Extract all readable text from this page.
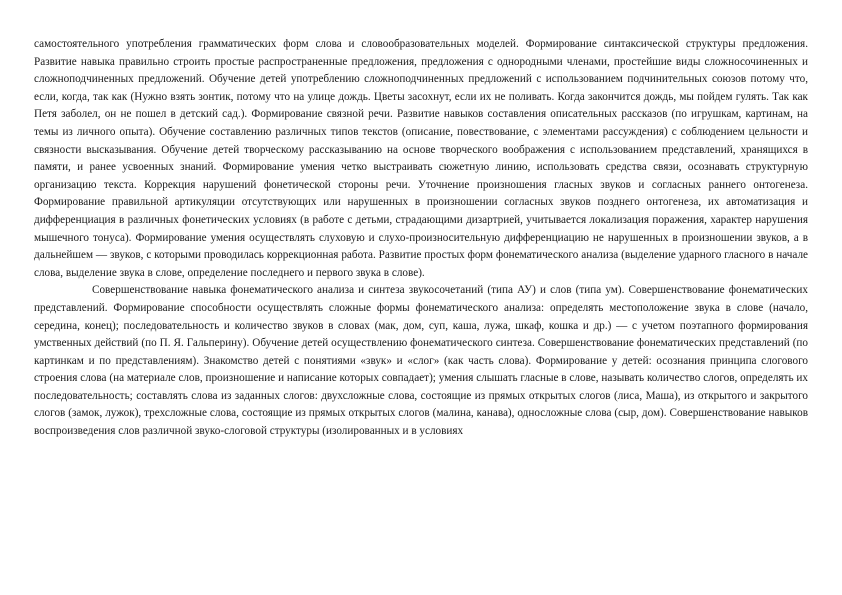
самостоятельного употребления грамматических форм слова и словообразовательных моделей. Формирование синтаксической структуры предложения. Развитие навыка правильно строить простые распространенные предложения, предложения с однородными членами, простейшие виды сложносочиненных и сложноподчиненных предложений. Обучение детей употреблению сложноподчиненных предложений с использованием подчинительных союзов потому что, если, когда, так как (Нужно взять зонтик, потому что на улице дождь. Цветы засохнут, если их не поливать. Когда закончится дождь, мы пойдем гулять. Так как Петя заболел, он не пошел в детский сад.). Формирование связной речи. Развитие навыков составления описательных рассказов (по игрушкам, картинам, на темы из личного опыта). Обучение составлению различных типов текстов (описание, повествование, с элементами рассуждения) с соблюдением цельности и связности высказывания. Обучение детей творческому рассказыванию на основе творческого воображения с использованием представлений, хранящихся в памяти, и ранее усвоенных знаний. Формирование умения четко выстраивать сюжетную линию, использовать средства связи, осознавать структурную организацию текста. Коррекция нарушений фонетической стороны речи. Уточнение произношения гласных звуков и согласных раннего онтогенеза. Формирование правильной артикуляции отсутствующих или нарушенных в произношении согласных звуков позднего онтогенеза, их автоматизация и дифференциация в различных фонетических условиях (в работе с детьми, страдающими дизартрией, учитывается локализация поражения, характер нарушения мышечного тонуса). Формирование умения осуществлять слуховую и слухо-произносительную дифференциацию не нарушенных в произношении звуков, а в дальнейшем — звуков, с которыми проводилась коррекционная работа. Развитие простых форм фонематического анализа (выделение ударного гласного в начале слова, выделение звука в слове, определение последнего и первого звука в слове).

Совершенствование навыка фонематического анализа и синтеза звукосочетаний (типа АУ) и слов (типа ум). Совершенствование фонематических представлений. Формирование способности осуществлять сложные формы фонематического анализа: определять местоположение звука в слове (начало, середина, конец); последовательность и количество звуков в словах (мак, дом, суп, каша, лужа, шкаф, кошка и др.) — с учетом поэтапного формирования умственных действий (по П. Я. Гальперину). Обучение детей осуществлению фонематического синтеза. Совершенствование фонематических представлений (по картинкам и по представлениям). Знакомство детей с понятиями «звук» и «слог» (как часть слова). Формирование у детей: осознания принципа слогового строения слова (на материале слов, произношение и написание которых совпадает); умения слышать гласные в слове, называть количество слогов, определять их последовательность; составлять слова из заданных слогов: двухсложные слова, состоящие из прямых открытых слогов (лиса, Маша), из открытого и закрытого слогов (замок, лужок), трехсложные слова, состоящие из прямых открытых слогов (малина, канава), односложные слова (сыр, дом). Совершенствование навыков воспроизведения слов различной звуко-слоговой структуры (изолированных и в условиях
